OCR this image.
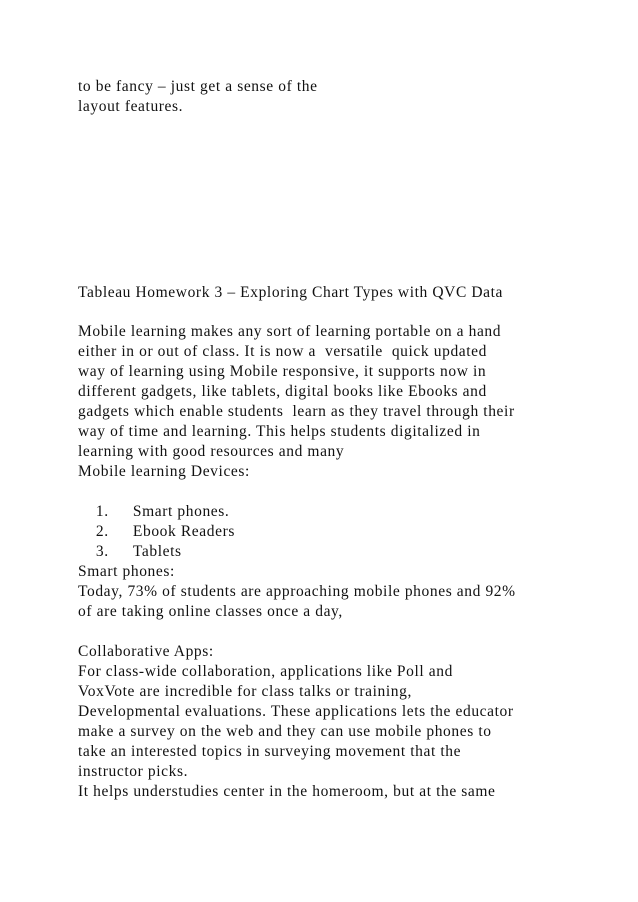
to be fancy – just get a sense of the
layout features.
Tableau Homework 3 – Exploring Chart Types with QVC Data
Mobile learning makes any sort of learning portable on a hand
either in or out of class. It is now a  versatile  quick updated
way of learning using Mobile responsive, it supports now in
different gadgets, like tablets, digital books like Ebooks and
gadgets which enable students  learn as they travel through their
way of time and learning. This helps students digitalized in
learning with good resources and many
Mobile learning Devices:

1. Smart phones.

2. Ebook Readers

3. Tablets

Smart phones:
Today, 73% of students are approaching mobile phones and 92%
of are taking online classes once a day,
Collaborative Apps:
For class-wide collaboration, applications like Poll and
VoxVote are incredible for class talks or training,
Developmental evaluations. These applications lets the educator
make a survey on the web and they can use mobile phones to
take an interested topics in surveying movement that the
instructor picks.
It helps understudies center in the homeroom, but at the same
